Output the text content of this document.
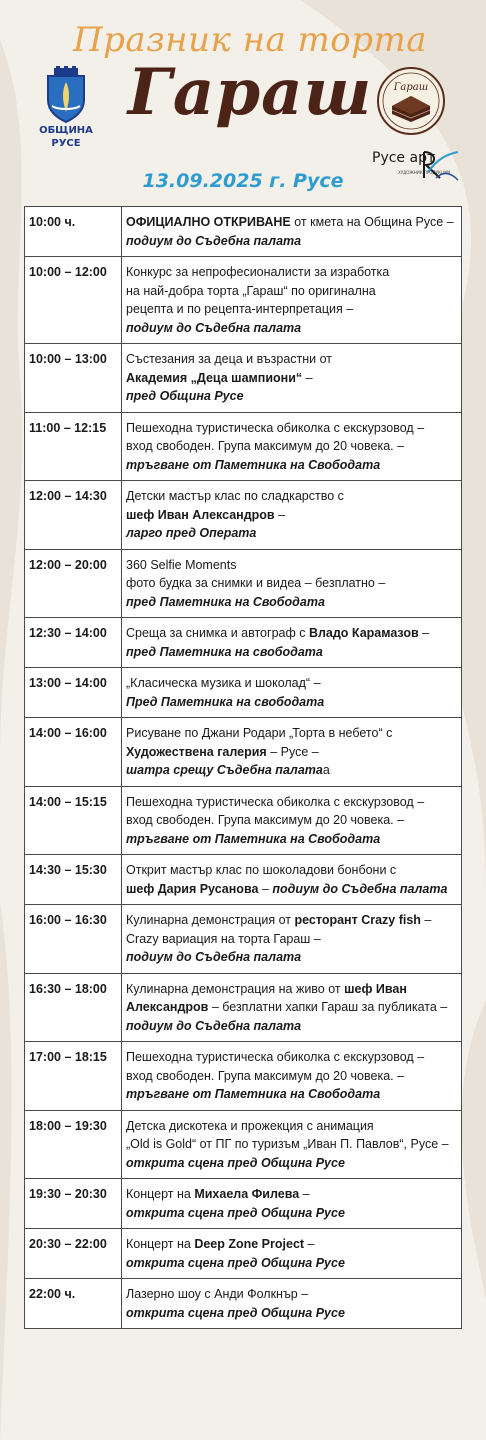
ОБЩИНА
РУСЕ
Празник на торта
Гараш	Гараш
Русе арт
ХУДОЖНИК ПРОДУКЦИИ
13.09.2025 г. Русе
10:00 ч.	ОФИЦИАЛНО ОТКРИВАНЕ от кмета на Община Русе –
подиум до Съдебна палата

10:00 – 12:00	Конкурс за непрофесионалисти за изработка
на най-добра торта „Гараш“ по оригинална
рецепта и по рецепта-интерпретация –
подиум до Съдебна палата

10:00 – 13:00	Състезания за деца и възрастни от
Академия „Деца шампиони“ –
пред Община Русе

11:00 – 12:15	Пешеходна туристическа обиколка с екскурзовод –
вход свободен. Група максимум до 20 човека. –
тръгване от Паметника на Свободата

12:00 – 14:30	Детски мастър клас по сладкарство с
шеф Иван Александров –
ларго пред Операта

12:00 – 20:00	360 Selfie Moments
фото будка за снимки и видеа – безплатно –
пред Паметника на Свободата

12:30 – 14:00	Среща за снимка и автограф с Владо Карамазов –
пред Паметника на свободата

13:00 – 14:00	„Класическа музика и шоколад“ –
Пред Паметника на свободата

14:00 – 16:00	Рисуване по Джани Родари „Торта в небето“ с
Художествена галерия – Русе –
шатра срещу Съдебна палатаа

14:00 – 15:15	Пешеходна туристическа обиколка с екскурзовод –
вход свободен. Група максимум до 20 човека. –
тръгване от Паметника на Свободата

14:30 – 15:30	Открит мастър клас по шоколадови бонбони с
шеф Дария Русанова – подиум до Съдебна палата

16:00 – 16:30	Кулинарна демонстрация от ресторант Crazy fish –
Crazy вариация на торта Гараш –
подиум до Съдебна палата

16:30 – 18:00	Кулинарна демонстрация на живо от шеф Иван
Александров – безплатни хапки Гараш за публиката –
подиум до Съдебна палата

17:00 – 18:15	Пешеходна туристическа обиколка с екскурзовод –
вход свободен. Група максимум до 20 човека. –
тръгване от Паметника на Свободата

18:00 – 19:30	Детска дискотека и прожекция с анимация
„Old is Gold“ от ПГ по туризъм „Иван П. Павлов“, Русе –
открита сцена пред Община Русе

19:30 – 20:30	Концерт на Михаела Филева –
открита сцена пред Община Русе

20:30 – 22:00	Концерт на Deep Zone Project –
открита сцена пред Община Русе

22:00 ч.	Лазерно шоу с Анди Фолкнър –
открита сцена пред Община Русе
